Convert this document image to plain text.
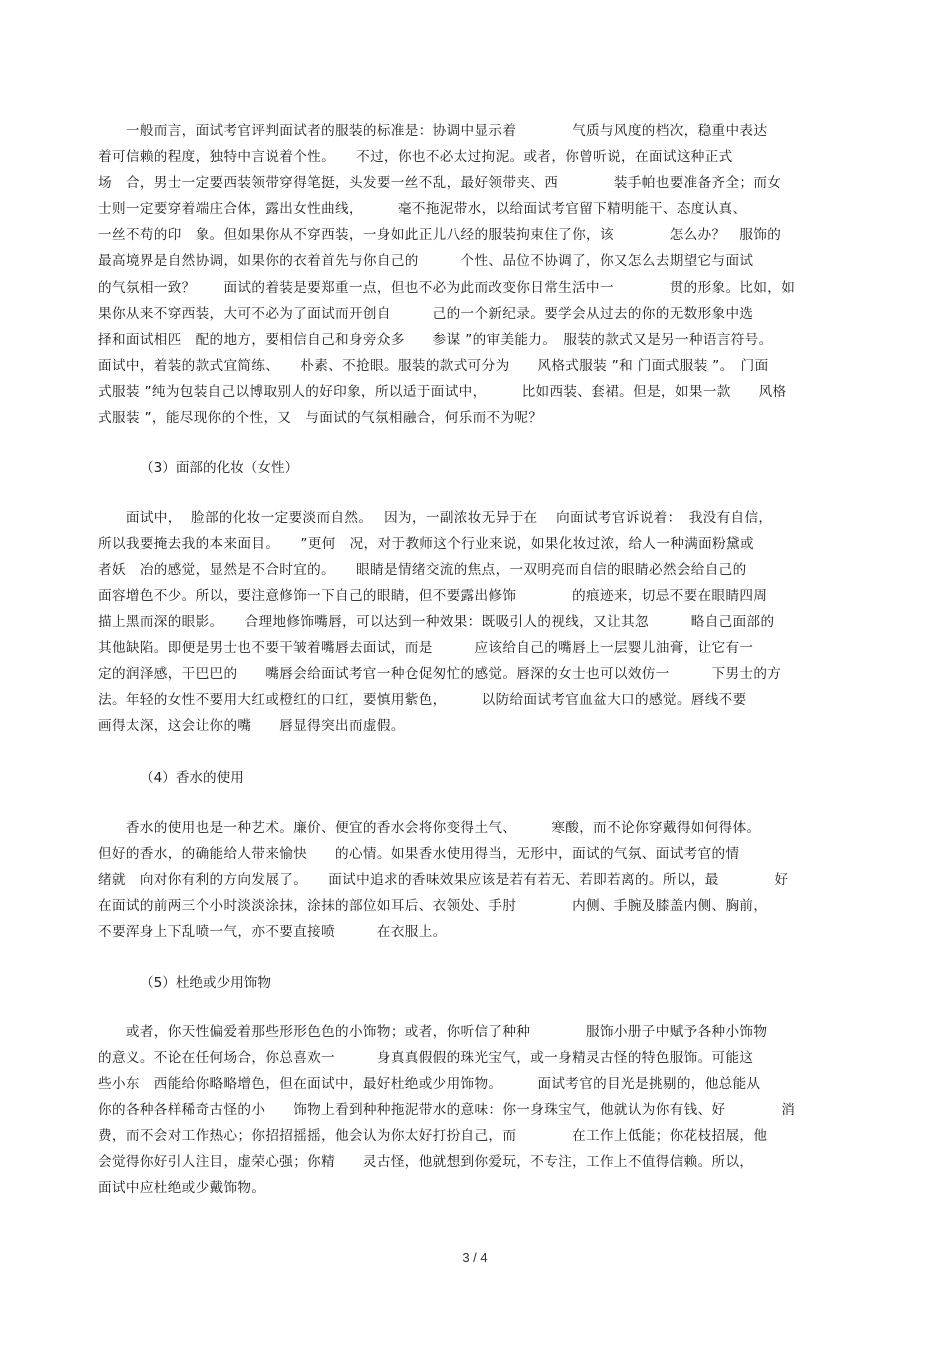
　　一般而言，面试考官评判面试者的服装的标准是：协调中显示着　　　　气质与风度的档次，稳重中表达
着可信赖的程度，独特中言说着个性。　　不过，你也不必太过拘泥。或者，你曾听说，在面试这种正式
场　合，男士一定要西装领带穿得笔挺，头发要一丝不乱，最好领带夹、西　　　　装手帕也要准备齐全；而女
士则一定要穿着端庄合体，露出女性曲线，　　　毫不拖泥带水，以给面试考官留下精明能干、态度认真、
一丝不苟的印　象。但如果你从不穿西装，一身如此正儿八经的服装拘束住了你，该　　　　怎么办？　服饰的
最高境界是自然协调，如果你的衣着首先与你自己的　　　个性、品位不协调了，你又怎么去期望它与面试
的气氛相一致？　　面试的着装是要郑重一点，但也不必为此而改变你日常生活中一　　　　贯的形象。比如，如
果你从来不穿西装，大可不必为了面试而开创自　　　己的一个新纪录。要学会从过去的你的无数形象中选
择和面试相匹　配的地方，要相信自己和身旁众多　　参谋 ”的审美能力。　服装的款式又是另一种语言符号。
面试中，着装的款式宜简练、　　朴素、不抢眼。服装的款式可分为　　风格式服装 ”和 门面式服装 ”。　门面
式服装 ”纯为包装自己以博取别人的好印象，所以适于面试中，　　　比如西装、套裙。但是，如果一款　　风格
式服装 ”，能尽现你的个性，又　与面试的气氛相融合，何乐而不为呢？
（3）面部的化妆（女性）
　　面试中，  脸部的化妆一定要淡而自然。　 因为，一副浓妆无异于在　 向面试考官诉说着：　我没有自信，
所以我要掩去我的本来面目。　　”更何　况，对于教师这个行业来说，如果化妆过浓，给人一种满面粉黛或
者妖　冶的感觉，显然是不合时宜的。　　眼睛是情绪交流的焦点，一双明亮而自信的眼睛必然会给自己的
面容增色不少。所以，要注意修饰一下自己的眼睛，但不要露出修饰　　　　的痕迹来，切忌不要在眼睛四周
描上黑而深的眼影。　　合理地修饰嘴唇，可以达到一种效果：既吸引人的视线，又让其忽　　　略自己面部的
其他缺陷。即便是男士也不要干皱着嘴唇去面试，而是　　　应该给自己的嘴唇上一层婴儿油膏，让它有一
定的润泽感，干巴巴的　　嘴唇会给面试考官一种仓促匆忙的感觉。唇深的女士也可以效仿一　　　下男士的方
法。年轻的女性不要用大红或橙红的口红，要慎用紫色，　　　以防给面试考官血盆大口的感觉。唇线不要
画得太深，这会让你的嘴　　唇显得突出而虚假。
（4）香水的使用
　　香水的使用也是一种艺术。廉价、便宜的香水会将你变得土气、　　　寒酸，而不论你穿戴得如何得体。
但好的香水，的确能给人带来愉快　　的心情。如果香水使用得当，无形中，面试的气氛、面试考官的情
绪就　向对你有利的方向发展了。　　面试中追求的香味效果应该是若有若无、若即若离的。所以，最　　　　好
在面试的前两三个小时淡淡涂抹，涂抹的部位如耳后、衣领处、手肘　　　　内侧、手腕及膝盖内侧、胸前，
不要浑身上下乱喷一气，亦不要直接喷　　　在衣服上。
（5）杜绝或少用饰物
　　或者，你天性偏爱着那些形形色色的小饰物；或者，你听信了种种　　　　服饰小册子中赋予各种小饰物
的意义。不论在任何场合，你总喜欢一　　　身真真假假的珠光宝气，或一身精灵古怪的特色服饰。可能这
些小东　西能给你略略增色，但在面试中，最好杜绝或少用饰物。　　　面试考官的目光是挑剔的，他总能从
你的各种各样稀奇古怪的小　　饰物上看到种种拖泥带水的意味：你一身珠宝气，他就认为你有钱、好　　　　消
费，而不会对工作热心；你招招摇摇，他会认为你太好打扮自己，而　　　　在工作上低能；你花枝招展，他
会觉得你好引人注目，虚荣心强；你精　　灵古怪，他就想到你爱玩，不专注，工作上不值得信赖。所以，
面试中应杜绝或少戴饰物。
3 / 4
